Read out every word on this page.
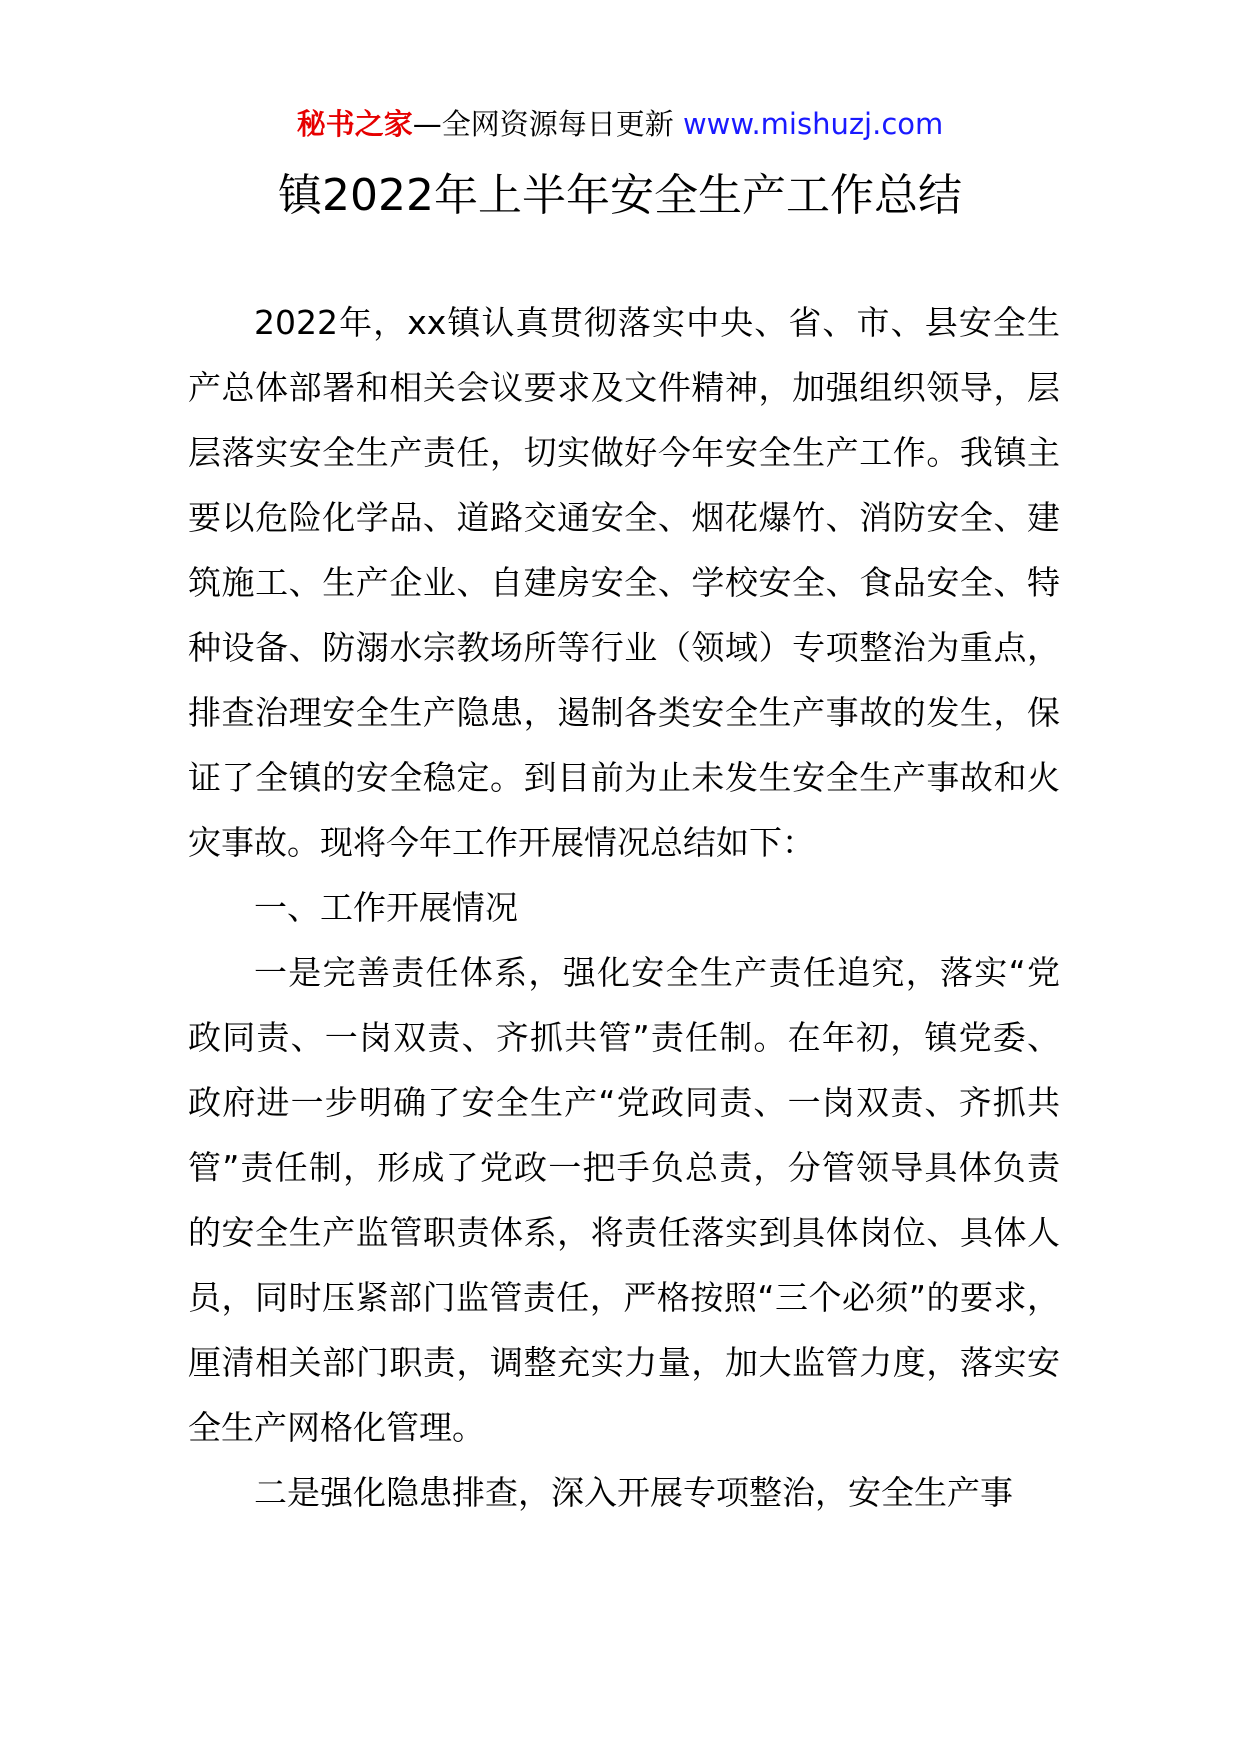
秘书之家—全网资源每日更新 www.mishuzj.com
镇2022年上半年安全生产工作总结

2022年，xx镇认真贯彻落实中央、省、市、县安全生产总体部署和相关会议要求及文件精神，加强组织领导，层层落实安全生产责任，切实做好今年安全生产工作。我镇主要以危险化学品、道路交通安全、烟花爆竹、消防安全、建筑施工、生产企业、自建房安全、学校安全、食品安全、特种设备、防溺水宗教场所等行业（领域）专项整治为重点，排查治理安全生产隐患，遏制各类安全生产事故的发生，保证了全镇的安全稳定。到目前为止未发生安全生产事故和火灾事故。现将今年工作开展情况总结如下：

一、工作开展情况

一是完善责任体系，强化安全生产责任追究，落实“党政同责、一岗双责、齐抓共管”责任制。在年初，镇党委、政府进一步明确了安全生产“党政同责、一岗双责、齐抓共管”责任制，形成了党政一把手负总责，分管领导具体负责的安全生产监管职责体系，将责任落实到具体岗位、具体人员，同时压紧部门监管责任，严格按照“三个必须”的要求，厘清相关部门职责，调整充实力量，加大监管力度，落实安全生产网格化管理。

二是强化隐患排查，深入开展专项整治，安全生产事
